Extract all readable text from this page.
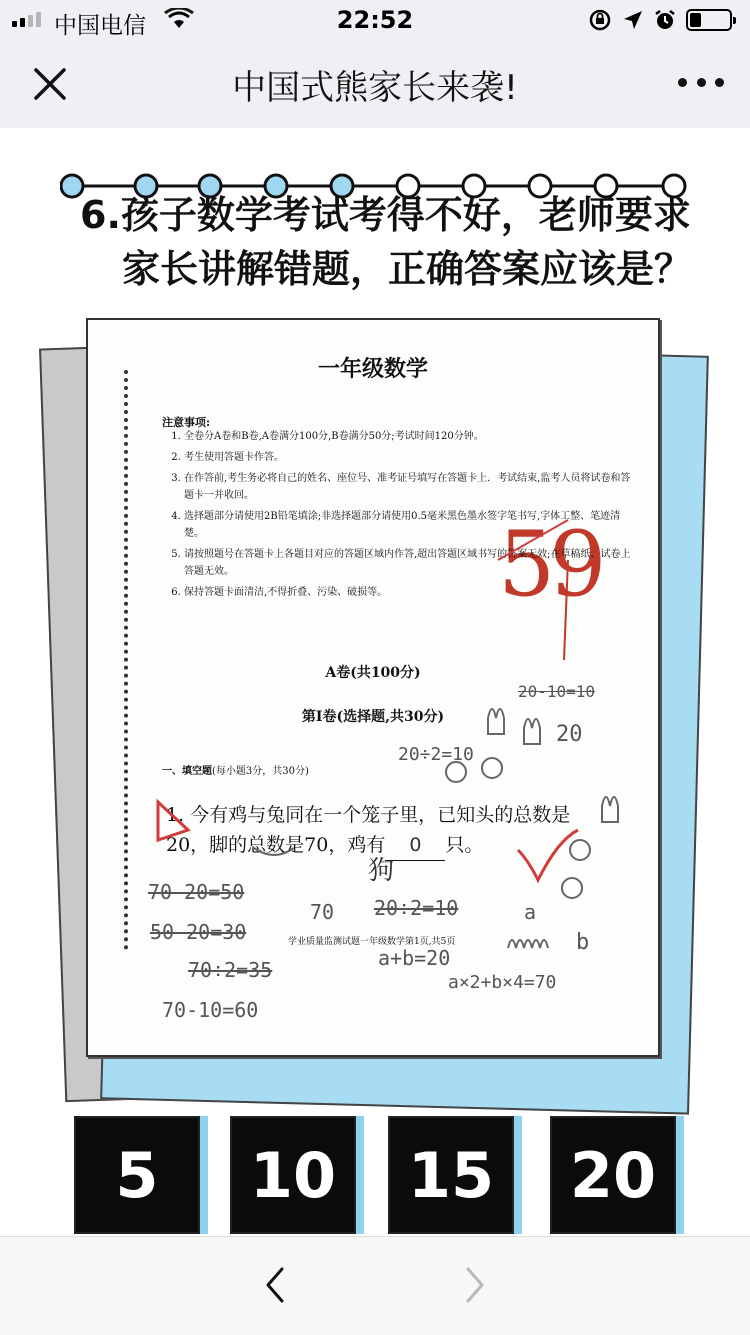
中国电信	22:52
中国式熊家长来袭!
6.孩子数学考试考得不好，老师要求
家长讲解错题，正确答案应该是？
一年级数学
59
注意事项:
1. 全卷分A卷和B卷,A卷满分100分,B卷满分50分;考试时间120分钟。
2. 考生使用答题卡作答。
3. 在作答前,考生务必将自己的姓名、座位号、准考证号填写在答题卡上．考试结束,监考人员将试卷和答题卡一并收回。
4. 选择题部分请使用2B铅笔填涂;非选择题部分请使用0.5毫米黑色墨水签字笔书写,字体工整、笔迹清楚。
5. 请按照题号在答题卡上各题目对应的答题区域内作答,超出答题区域书写的答案无效;在草稿纸、试卷上答题无效。
6. 保持答题卡面清洁,不得折叠、污染、破损等。
A卷(共100分)
第Ⅰ卷(选择题,共30分)
一、填空题(每小题3分，共30分)
1. 今有鸡与兔同在一个笼子里，已知头的总数是20，脚的总数是70，鸡有 0 只。
学业质量监测试题一年级数学第1页,共5页
20-10=10
20
20÷2=10
狗
70-20=50
70 20÷2=10
50-20=30
70÷2=35	a+b=20
70-10=60
a×2+b×4=70
a
b
5	10	15	20
